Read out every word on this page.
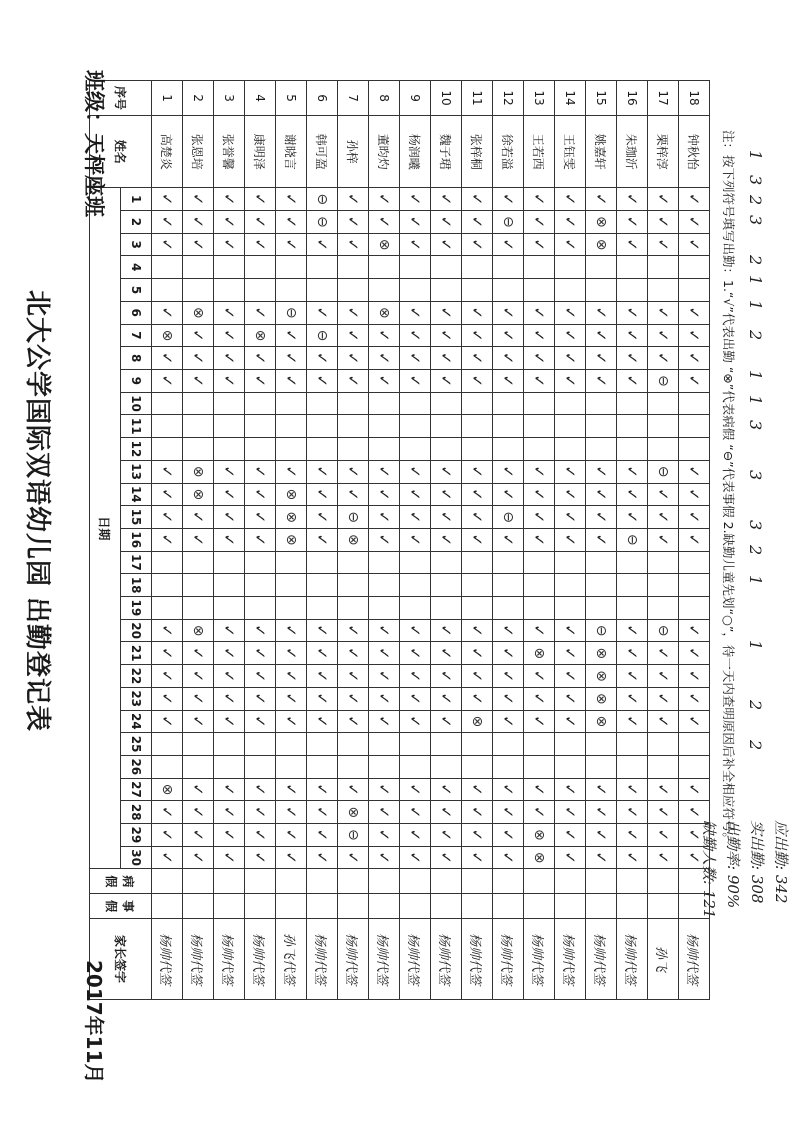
应出勤: 342
实出勤: 308
出勤率: 90%
缺勤人数: 121
1
3
2
3
2
1
1
2
1
1
3
3
3
2
1
1
2
2
注：按下列符号填写出勤：1.“√”代表出勤 “⊗”代表病假 “⊖”代表事假 2.缺勤儿童先划“○”，待一天内查明原因后补全相应符号。
18	钟秋怡	✓	✓	✓			✓	✓	✓	✓				✓	✓	✓	✓				✓	✓	✓	✓	✓			✓	✓	✓	✓			杨帅代签
17	栗梓淳	✓	✓	✓			✓	✓	✓	⊖				⊖	✓	✓	✓				⊖	✓	✓	✓	✓			✓	✓	✓	✓			孙飞
16	朱珈沂	✓	✓	✓			✓	✓	✓	✓				✓	✓	✓	⊖				✓	✓	✓	✓	✓			✓	✓	✓	✓			杨帅代签
15	姚嘉轩	✓	⊗	⊗			✓	✓	✓	✓				✓	✓	✓	✓				⊖	⊗	⊗	⊗	⊗			✓	✓	✓	✓			杨帅代签
14	王钰雯	✓	✓	✓			✓	✓	✓	✓				✓	✓	✓	✓				✓	✓	✓	✓	✓			✓	✓	✓	✓			杨帅代签
13	王若西	✓	✓	✓			✓	✓	✓	✓				✓	✓	✓	✓				✓	⊗	✓	✓	✓			✓	✓	⊗	⊗			杨帅代签
12	徐若溢	✓	⊖	✓			✓	✓	✓	✓				✓	✓	⊖	✓				✓	✓	✓	✓	✓			✓	✓	✓	✓			杨帅代签
11	张梓桐	✓	✓	✓			✓	✓	✓	✓				✓	✓	✓	✓				✓	✓	✓	✓	⊗			✓	✓	✓	✓			杨帅代签
10	魏子珺	✓	✓	✓			✓	✓	✓	✓				✓	✓	✓	✓				✓	✓	✓	✓	✓			✓	✓	✓	✓			杨帅代签
9	杨润曦	✓	✓	✓			✓	✓	✓	✓				✓	✓	✓	✓				✓	✓	✓	✓	✓			✓	✓	✓	✓			杨帅代签
8	董昀灼	✓	✓	⊗			⊗	✓	✓	✓				✓	✓	✓	✓				✓	✓	✓	✓	✓			✓	✓	✓	✓			杨帅代签
7	孙梓	✓	✓	✓			✓	✓	✓	✓				✓	✓	⊖	⊗				✓	✓	✓	✓	✓			✓	⊗	⊖	✓			杨帅代签
6	韩可盈	⊖	⊖	✓			✓	⊖	✓	✓				✓	✓	✓	✓				✓	✓	✓	✓	✓			✓	✓	✓	✓			杨帅代签
5	谢晓言	✓	✓	✓			⊖	✓	✓	✓				✓	⊗	⊗	⊗				✓	✓	✓	✓	✓			✓	✓	✓	✓			孙飞代签
4	康明泽	✓	✓	✓			✓	⊗	✓	✓				✓	✓	✓	✓				✓	✓	✓	✓	✓			✓	✓	✓	✓			杨帅代签
3	张誉馨	✓	✓	✓			✓	✓	✓	✓				✓	✓	✓	✓				✓	✓	✓	✓	✓			✓	✓	✓	✓			杨帅代签
2	张恩培	✓	✓	✓			⊗	✓	✓	✓				⊗	⊗	✓	✓				⊗	✓	✓	✓	✓			✓	✓	✓	✓			杨帅代签
1	高楚炎	✓	✓	✓			✓	⊗	✓	✓				✓	✓	✓	✓				✓	✓	✓	✓	✓			⊗	✓	✓	✓			杨帅代签
序号	姓名	1	2	3	4	5	6	7	8	9	10	11	12	13	14	15	16	17	18	19	20	21	22	23	24	25	26	27	28	29	30	病假	事假	家长签字
		日期																																
班级：天枰座班
北大公学国际双语幼儿园 出勤登记表
2017年11月
